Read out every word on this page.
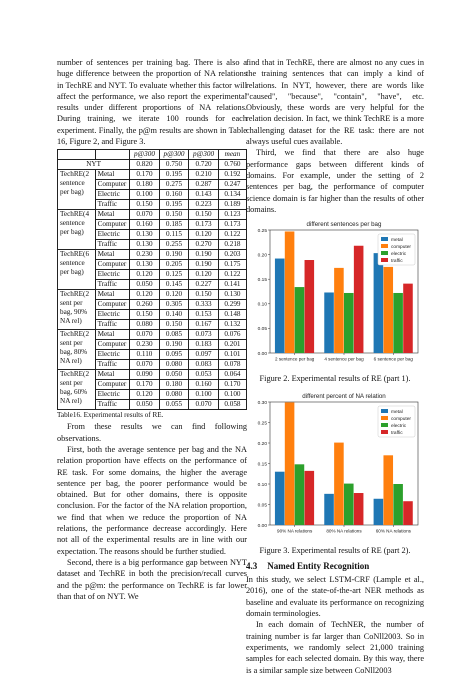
number of sentences per training bag. There is also a huge difference between the proportion of NA relations in TechRE and NYT. To evaluate whether this factor will affect the performance, we also report the experimental results under different proportions of NA relations. During training, we iterate 100 rounds for each experiment. Finally, the p@m results are shown in Table 16, Figure 2, and Figure 3.

		p@300	p@300	p@300	mean
NYT		0.820	0.750	0.720	0.760
TechRE(2 sentence per bag)	Metal	0.170	0.195	0.210	0.192
	Computer	0.180	0.275	0.287	0.247
	Electric	0.100	0.160	0.143	0.134
	Traffic	0.150	0.195	0.223	0.189
TechRE(4 sentence per bag)	Metal	0.070	0.150	0.150	0.123
	Computer	0.160	0.185	0.173	0.173
	Electric	0.130	0.115	0.120	0.122
	Traffic	0.130	0.255	0.270	0.218
TechRE(6 sentence per bag)	Metal	0.230	0.190	0.190	0.203
	Computer	0.130	0.205	0.190	0.175
	Electric	0.120	0.125	0.120	0.122
	Traffic	0.050	0.145	0.227	0.141
TechRE(2 sent per bag, 90% NA rel)	Metal	0.120	0.120	0.150	0.130
	Computer	0.260	0.305	0.333	0.299
	Electric	0.150	0.140	0.153	0.148
	Traffic	0.080	0.150	0.167	0.132
TechRE(2 sent per bag, 80% NA rel)	Metal	0.070	0.085	0.073	0.076
	Computer	0.230	0.190	0.183	0.201
	Electric	0.110	0.095	0.097	0.101
	Traffic	0.070	0.080	0.083	0.078
TechRE(2 sent per bag, 60% NA rel)	Metal	0.090	0.050	0.053	0.064
	Computer	0.170	0.180	0.160	0.170
	Electric	0.120	0.080	0.100	0.100
	Traffic	0.050	0.055	0.070	0.058
Table16. Experimental results of RE.

From these results we can find following observations.

First, both the average sentence per bag and the NA relation proportion have effects on the performance of RE task. For some domains, the higher the average sentence per bag, the poorer performance would be obtained. But for other domains, there is opposite conclusion. For the factor of the NA relation proportion, we find that when we reduce the proportion of NA relations, the performance decrease accordingly. Here not all of the experimental results are in line with our expectation. The reasons should be further studied.

Second, there is a big performance gap between NYT dataset and TechRE in both the precision/recall curves and the p@m: the performance on TechRE is far lower than that of on NYT. We

find that in TechRE, there are almost no any cues in the training sentences that can imply a kind of relations. In NYT, however, there are words like "caused", "because", "contain", "have", etc. Obviously, these words are very helpful for the relation decision. In fact, we think TechRE is a more challenging dataset for the RE task: there are not always useful cues available.

Third, we find that there are also huge performance gaps between different kinds of domains. For example, under the setting of 2 sentences per bag, the performance of computer science domain is far higher than the results of other domains.

different sentences per bag
0.00
0.05
0.10
0.15
0.20
0.25
2 sentence per bag 4 sentence per bag 6 sentence per bag
metal
computer
electric
traffic
Figure 2. Experimental results of RE (part 1).
different percent of NA relation
0.00
0.05
0.10
0.15
0.20
0.25
0.30
90% NA relations	80% NA relations	60% NA relations
metal
computer
electric
traffic
Figure 3. Experimental results of RE (part 2).
4.3 Named Entity Recognition

In this study, we select LSTM-CRF (Lample et al., 2016), one of the state-of-the-art NER methods as baseline and evaluate its performance on recognizing domain terminologies.

In each domain of TechNER, the number of training number is far larger than CoNll2003. So in experiments, we randomly select 21,000 training samples for each selected domain. By this way, there is a similar sample size between CoNll2003
